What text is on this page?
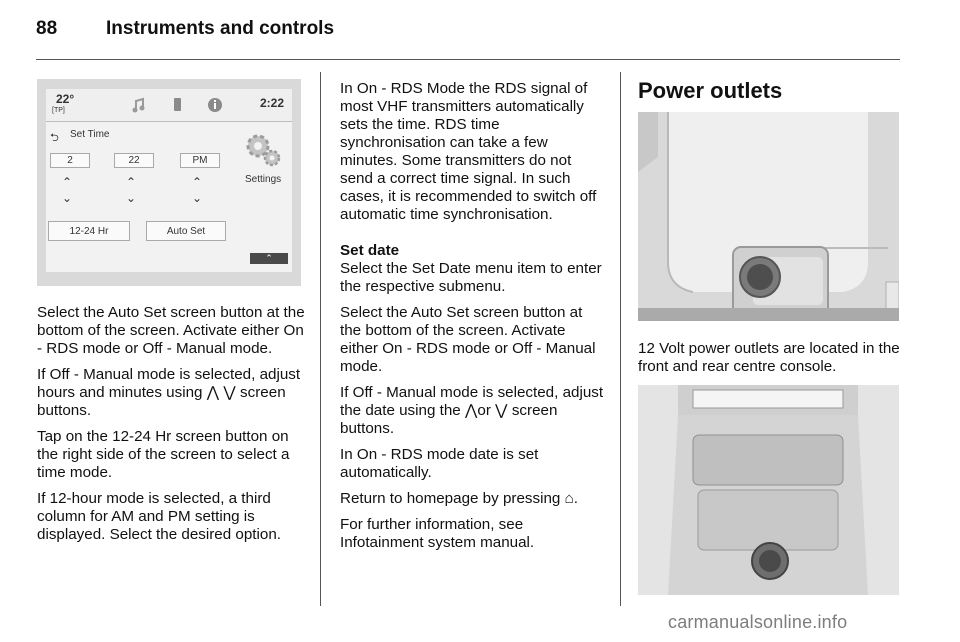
88	Instruments and controls
22°
[TP]
2:22
⮌ Set Time
2	22	PM
⌃
⌄
⌃
⌄
⌃
⌄
12-24 Hr	Auto Set
Settings
⌃

Select the Auto Set screen button at the bottom of the screen. Activate either On - RDS mode or Off - Manual mode.

If Off - Manual mode is selected, adjust hours and minutes using ⋀ ⋁ screen buttons.

Tap on the 12-24 Hr screen button on the right side of the screen to select a time mode.

If 12-hour mode is selected, a third column for AM and PM setting is displayed. Select the desired option.

In On - RDS Mode the RDS signal of most VHF transmitters automatically sets the time. RDS time synchronisation can take a few minutes. Some transmitters do not send a correct time signal. In such cases, it is recommended to switch off automatic time synchronisation.

Set date

Select the Set Date menu item to enter the respective submenu.

Select the Auto Set screen button at the bottom of the screen. Activate either On - RDS mode or Off - Manual mode.

If Off - Manual mode is selected, adjust the date using the ⋀or ⋁ screen buttons.

In On - RDS mode date is set automatically.

Return to homepage by pressing ⌂.

For further information, see Infotainment system manual.

Power outlets

12 Volt power outlets are located in the front and rear centre console.

carmanualsonline.info
